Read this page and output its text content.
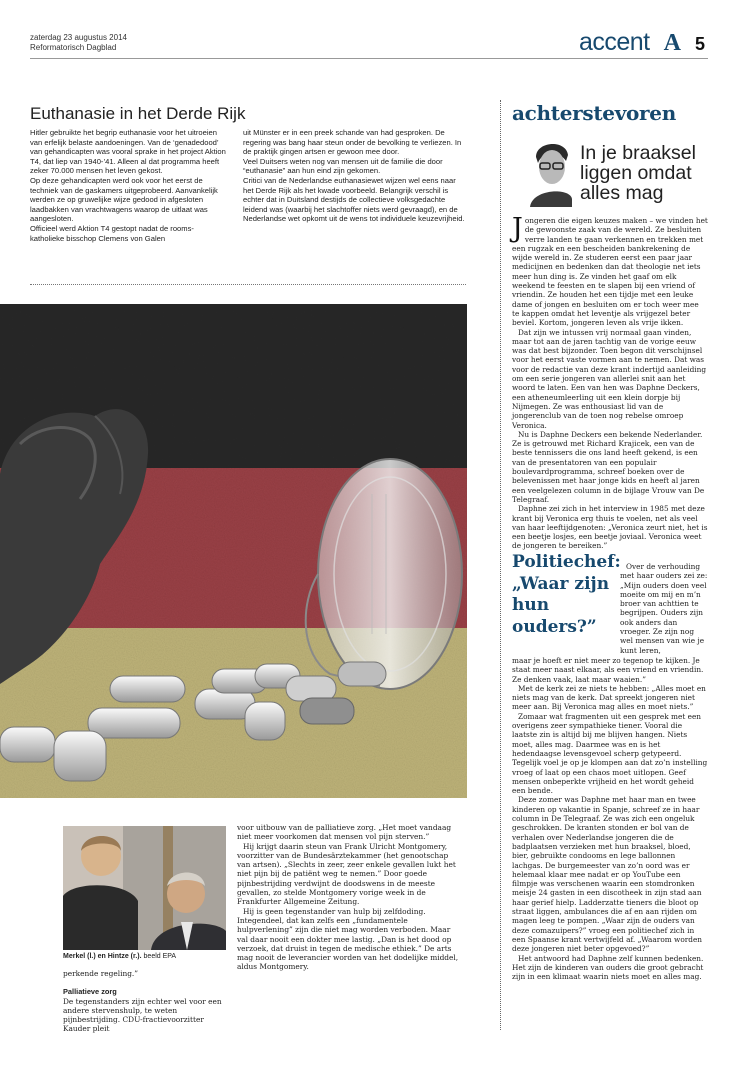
zaterdag 23 augustus 2014
Reformatorisch Dagblad	accent A 5
Euthanasie in het Derde Rijk

Hitler gebruikte het begrip euthanasie voor het uitroeien van erfelijk belaste aandoeningen. Van de ‘genadedood’ van gehandicapten was vooral sprake in het project Aktion T4, dat liep van 1940-’41. Alleen al dat programma heeft zeker 70.000 mensen het leven gekost.

Op deze gehandicapten werd ook voor het eerst de techniek van de gaskamers uitgeprobeerd. Aanvankelijk werden ze op gruwelijke wijze gedood in afgesloten laadbakken van vrachtwagens waarop de uitlaat was aangesloten.

Officieel werd Aktion T4 gestopt nadat de rooms-katholieke bisschop Clemens von Galen

uit Münster er in een preek schande van had gesproken. De regering was bang haar steun onder de bevolking te verliezen. In de praktijk gingen artsen er gewoon mee door.

Veel Duitsers weten nog van mensen uit de familie die door “euthanasie” aan hun eind zijn gekomen.

Critici van de Nederlandse euthanasiewet wijzen wel eens naar het Derde Rijk als het kwade voorbeeld. Belangrijk verschil is echter dat in Duitsland destijds de collectieve volksgedachte leidend was (waarbij het slachtoffer niets werd gevraagd), en de Nederlandse wet opkomt uit de wens tot individuele keuzevrijheid.

Merkel (l.) en Hintze (r.). beeld EPA

perkende regeling.”

Palliatieve zorg

De tegenstanders zijn echter wel voor een andere stervenshulp, te weten pijnbestrijding. CDU-fractievoorzitter Kauder pleit

voor uitbouw van de palliatieve zorg. „Het moet vandaag niet meer voorkomen dat mensen vol pijn sterven.”

Hij krijgt daarin steun van Frank Ulricht Montgomery, voorzitter van de Bundesärztekammer (het genootschap van artsen). „Slechts in zeer, zeer enkele gevallen lukt het niet pijn bij de patiënt weg te nemen.” Door goede pijnbestrijding verdwijnt de doodswens in de meeste gevallen, zo stelde Montgomery vorige week in de Frankfurter Allgemeine Zeitung.

Hij is geen tegenstander van hulp bij zelfdoding. Integendeel, dat kan zelfs een „fundamentele hulpverlening” zijn die niet mag worden verboden. Maar val daar nooit een dokter mee lastig. „Dan is het dood op verzoek, dat druist in tegen de medische ethiek.” De arts mag nooit de leverancier worden van het dodelijke middel, aldus Montgomery.

achterstevoren
In je braaksel liggen omdat alles mag

Jongeren die eigen keuzes maken – we vinden het de gewoonste zaak van de wereld. Ze besluiten verre landen te gaan verkennen en trekken met een rugzak en een bescheiden bankrekening de wijde wereld in. Ze studeren eerst een paar jaar medicijnen en bedenken dan dat theologie net iets meer hun ding is. Ze vinden het gaaf om elk weekend te feesten en te slapen bij een vriend of vriendin. Ze houden het een tijdje met een leuke dame of jongen en besluiten om er toch weer mee te kappen omdat het leventje als vrijgezel beter beviel. Kortom, jongeren leven als vrije ikken.

Dat zijn we intussen vrij normaal gaan vinden, maar tot aan de jaren tachtig van de vorige eeuw was dat best bijzonder. Toen begon dit verschijnsel voor het eerst vaste vormen aan te nemen. Dat was voor de redactie van deze krant indertijd aanleiding om een serie jongeren van allerlei snit aan het woord te laten. Een van hen was Daphne Deckers, een atheneumleerling uit een klein dorpje bij Nijmegen. Ze was enthousiast lid van de jongerenclub van de toen nog rebelse omroep Veronica.

Nu is Daphne Deckers een bekende Nederlander. Ze is getrouwd met Richard Krajicek, een van de beste tennissers die ons land heeft gekend, is een van de presentatoren van een populair boulevardprogramma, schreef boeken over de belevenissen met haar jonge kids en heeft al jaren een veelgelezen column in de bijlage Vrouw van De Telegraaf.

Daphne zei zich in het interview in 1985 met deze krant bij Veronica erg thuis te voelen, net als veel van haar leeftijdgenoten: „Veronica zeurt niet, het is een beetje losjes, een beetje joviaal. Veronica weet de jongeren te bereiken.”

Politiechef: „Waar zijn hun ouders?”

Over de verhouding met haar ouders zei ze: „Mijn ouders doen veel moeite om mij en m’n broer van achttien te begrijpen. Ouders zijn ook anders dan vroeger. Ze zijn nog wel mensen van wie je kunt leren,

maar je hoeft er niet meer zo tegenop te kijken. Je staat meer naast elkaar, als een vriend en vriendin. Ze denken vaak, laat maar waaien.”

Met de kerk zei ze niets te hebben: „Alles moet en niets mag van de kerk. Dat spreekt jongeren niet meer aan. Bij Veronica mag alles en moet niets.”

Zomaar wat fragmenten uit een gesprek met een overigens zeer sympathieke tiener. Vooral die laatste zin is altijd bij me blijven hangen. Niets moet, alles mag. Daarmee was en is het hedendaagse levensgevoel scherp getypeerd. Tegelijk voel je op je klompen aan dat zo’n instelling vroeg of laat op een chaos moet uitlopen. Geef mensen onbeperkte vrijheid en het wordt geheid een bende.

Deze zomer was Daphne met haar man en twee kinderen op vakantie in Spanje, schreef ze in haar column in De Telegraaf. Ze was zich een ongeluk geschrokken. De kranten stonden er bol van de verhalen over Nederlandse jongeren die de badplaatsen verzieken met hun braaksel, bloed, bier, gebruikte condooms en lege ballonnen lachgas. De burgemeester van zo’n oord was er helemaal klaar mee nadat er op YouTube een filmpje was verschenen waarin een stomdronken meisje 24 gasten in een discotheek in zijn stad aan haar gerief hielp. Ladderzatte tieners die bloot op straat liggen, ambulances die af en aan rijden om magen leeg te pompen. „Waar zijn de ouders van deze comazuipers?” vroeg een politiechef zich in een Spaanse krant vertwijfeld af. „Waarom worden deze jongeren niet beter opgevoed?”

Het antwoord had Daphne zelf kunnen bedenken. Het zijn de kinderen van ouders die groot gebracht zijn in een klimaat waarin niets moet en alles mag.
